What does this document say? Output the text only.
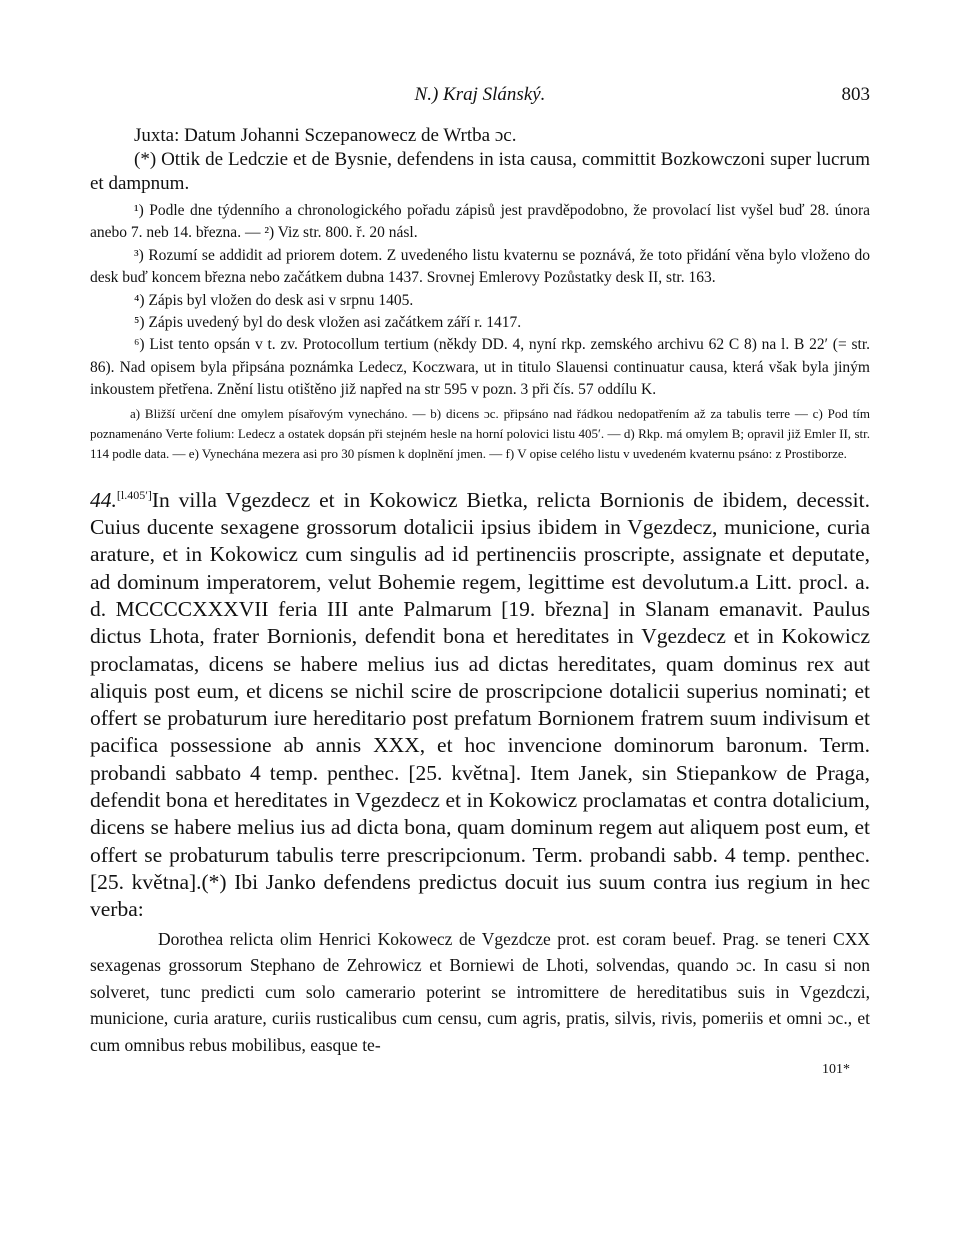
N.) Kraj Slánský.	803

Juxta: Datum Johanni Sczepanowecz de Wrtba ɔc.

(*) Ottik de Ledczie et de Bysnie, defendens in ista causa, committit Bozkowczoni super lucrum et dampnum.

¹) Podle dne týdenního a chronologického pořadu zápisů jest pravděpodobno, že provolací list vyšel buď 28. února anebo 7. neb 14. března. — ²) Viz str. 800. ř. 20 násl.

³) Rozumí se addidit ad priorem dotem. Z uvedeného listu kvaternu se poznává, že toto přidání věna bylo vloženo do desk buď koncem března nebo začátkem dubna 1437. Srovnej Emlerovy Pozůstatky desk II, str. 163.

⁴) Zápis byl vložen do desk asi v srpnu 1405.

⁵) Zápis uvedený byl do desk vložen asi začátkem září r. 1417.

⁶) List tento opsán v t. zv. Protocollum tertium (někdy DD. 4, nyní rkp. zemského archivu 62 C 8) na l. B 22′ (= str. 86). Nad opisem byla připsána poznámka Ledecz, Koczwara, ut in titulo Slauensi continuatur causa, která však byla jiným inkoustem přetřena. Znění listu otištěno již napřed na str 595 v pozn. 3 při čís. 57 oddílu K.

a) Bližší určení dne omylem písařovým vynecháno. — b) dicens ɔc. připsáno nad řádkou nedopatřením až za tabulis terre — c) Pod tím poznamenáno Verte folium: Ledecz a ostatek dopsán při stejném hesle na horní polovici listu 405′. — d) Rkp. má omylem B; opravil již Emler II, str. 114 podle data. — e) Vynechána mezera asi pro 30 písmen k doplnění jmen. — f) V opise celého listu v uvedeném kvaternu psáno: z Prostiborze.

44.[l.405′]In villa Vgezdecz et in Kokowicz Bietka, relicta Bornionis de ibidem, decessit. Cuius ducente sexagene grossorum dotalicii ipsius ibidem in Vgezdecz, municione, curia arature, et in Kokowicz cum singulis ad id pertinenciis proscripte, assignate et deputate, ad dominum imperatorem, velut Bohemie regem, legittime est devolutum.a Litt. procl. a. d. MCCCCXXXVII feria III ante Palmarum [19. března] in Slanam emanavit. Paulus dictus Lhota, frater Bornionis, defendit bona et hereditates in Vgezdecz et in Kokowicz proclamatas, dicens se habere melius ius ad dictas hereditates, quam dominus rex aut aliquis post eum, et dicens se nichil scire de proscripcione dotalicii superius nominati; et offert se probaturum iure hereditario post prefatum Bornionem fratrem suum indivisum et pacifica possessione ab annis XXX, et hoc invencione dominorum baronum. Term. probandi sabbato 4 temp. penthec. [25. května]. Item Janek, sin Stiepankow de Praga, defendit bona et hereditates in Vgezdecz et in Kokowicz proclamatas et contra dotalicium, dicens se habere melius ius ad dicta bona, quam dominum regem aut aliquem post eum, et offert se probaturum tabulis terre prescripcionum. Term. probandi sabb. 4 temp. penthec. [25. května].(*) Ibi Janko defendens predictus docuit ius suum contra ius regium in hec verba:

Dorothea relicta olim Henrici Kokowecz de Vgezdcze prot. est coram beuef. Prag. se teneri CXX sexagenas grossorum Stephano de Zehrowicz et Borniewi de Lhoti, solvendas, quando ɔc. In casu si non solveret, tunc predicti cum solo camerario poterint se intromittere de hereditatibus suis in Vgezdczi, municione, curia arature, curiis rusticalibus cum censu, cum agris, pratis, silvis, rivis, pomeriis et omni ɔc., et cum omnibus rebus mobilibus, easque te-

101*
